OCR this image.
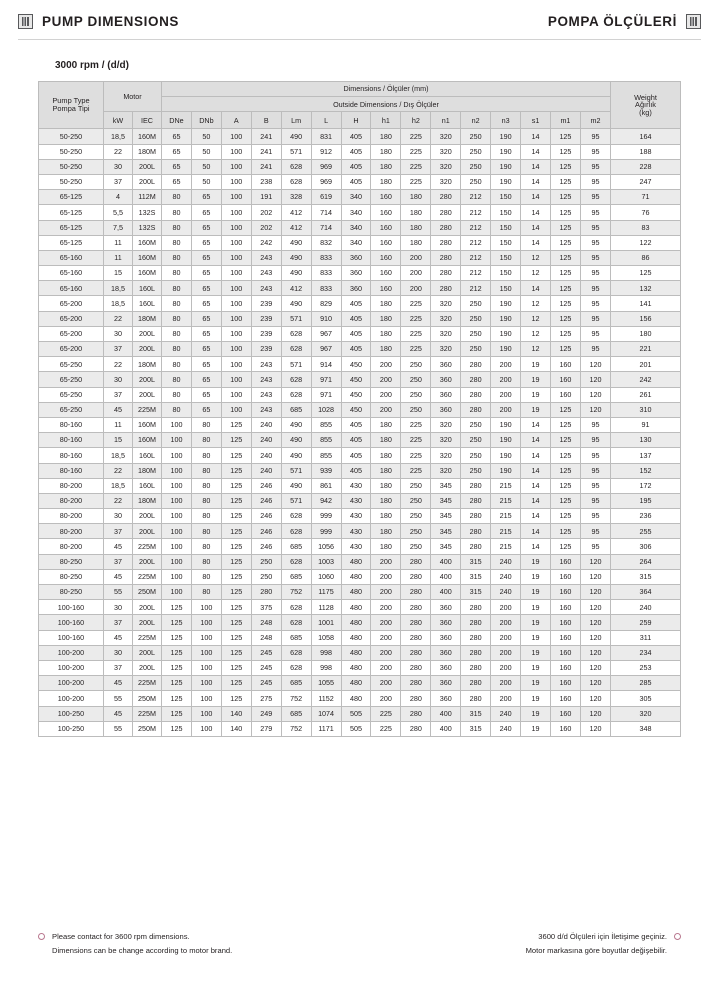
PUMP DIMENSIONS	POMPA ÖLÇÜLERİ
3000 rpm / (d/d)
Pump Type
Pompa Tipi
	Motor	Dimensions / Ölçüler (mm)	
Weight
Ağırlık
(kg)

			Outside Dimensions / Dış Ölçüler															
	kW	IEC	DNe	DNb	A	B	Lm	L	H	h1	h2	n1	n2	n3	s1	m1	m2	
50-250	18,5	160M	65	50	100	241	490	831	405	180	225	320	250	190	14	125	95	164
50-250	22	180M	65	50	100	241	571	912	405	180	225	320	250	190	14	125	95	188
50-250	30	200L	65	50	100	241	628	969	405	180	225	320	250	190	14	125	95	228
50-250	37	200L	65	50	100	238	628	969	405	180	225	320	250	190	14	125	95	247
65-125	4	112M	80	65	100	191	328	619	340	160	180	280	212	150	14	125	95	71
65-125	5,5	132S	80	65	100	202	412	714	340	160	180	280	212	150	14	125	95	76
65-125	7,5	132S	80	65	100	202	412	714	340	160	180	280	212	150	14	125	95	83
65-125	11	160M	80	65	100	242	490	832	340	160	180	280	212	150	14	125	95	122
65-160	11	160M	80	65	100	243	490	833	360	160	200	280	212	150	12	125	95	86
65-160	15	160M	80	65	100	243	490	833	360	160	200	280	212	150	12	125	95	125
65-160	18,5	160L	80	65	100	243	412	833	360	160	200	280	212	150	14	125	95	132
65-200	18,5	160L	80	65	100	239	490	829	405	180	225	320	250	190	12	125	95	141
65-200	22	180M	80	65	100	239	571	910	405	180	225	320	250	190	12	125	95	156
65-200	30	200L	80	65	100	239	628	967	405	180	225	320	250	190	12	125	95	180
65-200	37	200L	80	65	100	239	628	967	405	180	225	320	250	190	12	125	95	221
65-250	22	180M	80	65	100	243	571	914	450	200	250	360	280	200	19	160	120	201
65-250	30	200L	80	65	100	243	628	971	450	200	250	360	280	200	19	160	120	242
65-250	37	200L	80	65	100	243	628	971	450	200	250	360	280	200	19	160	120	261
65-250	45	225M	80	65	100	243	685	1028	450	200	250	360	280	200	19	125	120	310
80-160	11	160M	100	80	125	240	490	855	405	180	225	320	250	190	14	125	95	91
80-160	15	160M	100	80	125	240	490	855	405	180	225	320	250	190	14	125	95	130
80-160	18,5	160L	100	80	125	240	490	855	405	180	225	320	250	190	14	125	95	137
80-160	22	180M	100	80	125	240	571	939	405	180	225	320	250	190	14	125	95	152
80-200	18,5	160L	100	80	125	246	490	861	430	180	250	345	280	215	14	125	95	172
80-200	22	180M	100	80	125	246	571	942	430	180	250	345	280	215	14	125	95	195
80-200	30	200L	100	80	125	246	628	999	430	180	250	345	280	215	14	125	95	236
80-200	37	200L	100	80	125	246	628	999	430	180	250	345	280	215	14	125	95	255
80-200	45	225M	100	80	125	246	685	1056	430	180	250	345	280	215	14	125	95	306
80-250	37	200L	100	80	125	250	628	1003	480	200	280	400	315	240	19	160	120	264
80-250	45	225M	100	80	125	250	685	1060	480	200	280	400	315	240	19	160	120	315
80-250	55	250M	100	80	125	280	752	1175	480	200	280	400	315	240	19	160	120	364
100-160	30	200L	125	100	125	375	628	1128	480	200	280	360	280	200	19	160	120	240
100-160	37	200L	125	100	125	248	628	1001	480	200	280	360	280	200	19	160	120	259
100-160	45	225M	125	100	125	248	685	1058	480	200	280	360	280	200	19	160	120	311
100-200	30	200L	125	100	125	245	628	998	480	200	280	360	280	200	19	160	120	234
100-200	37	200L	125	100	125	245	628	998	480	200	280	360	280	200	19	160	120	253
100-200	45	225M	125	100	125	245	685	1055	480	200	280	360	280	200	19	160	120	285
100-200	55	250M	125	100	125	275	752	1152	480	200	280	360	280	200	19	160	120	305
100-250	45	225M	125	100	140	249	685	1074	505	225	280	400	315	240	19	160	120	320
100-250	55	250M	125	100	140	279	752	1171	505	225	280	400	315	240	19	160	120	348
Please contact for 3600 rpm dimensions.
Dimensions can be change according to motor brand.
3600 d/d Ölçüleri için İletişime geçiniz.
Motor markasına göre boyutlar değişebilir.
